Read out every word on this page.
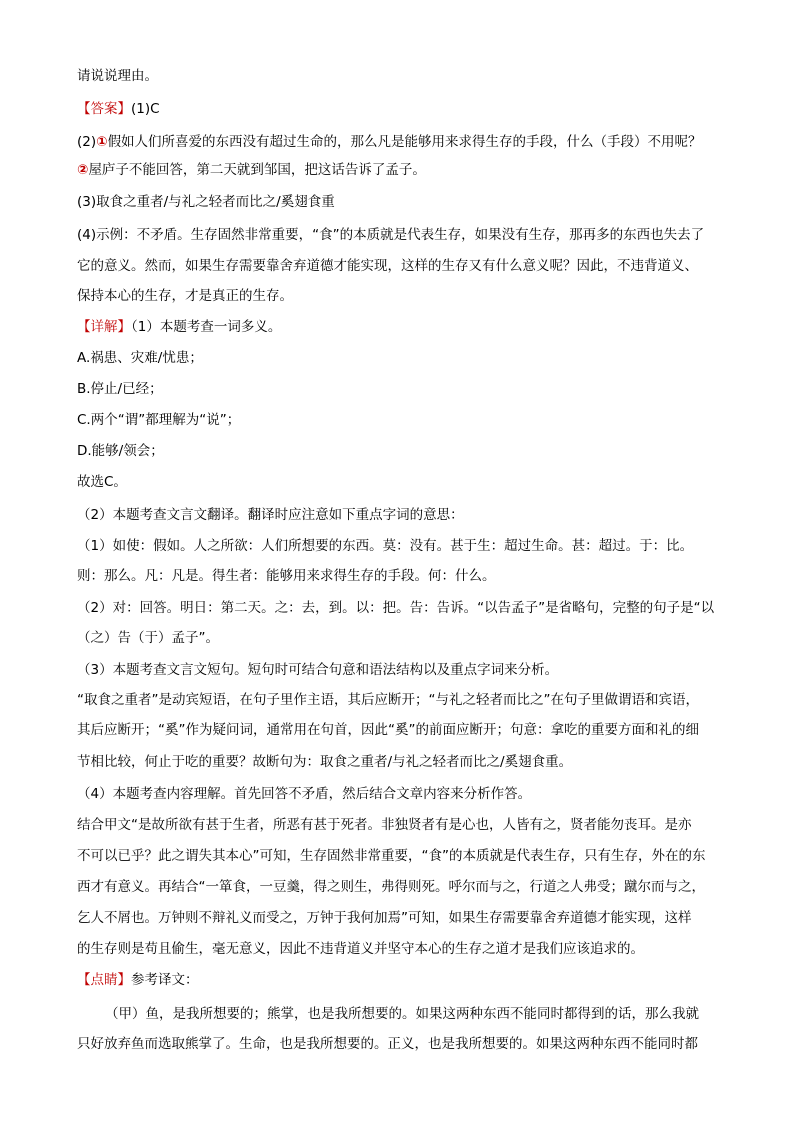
请说说理由。
【答案】(1)C
(2)①假如人们所喜爱的东西没有超过生命的，那么凡是能够用来求得生存的手段，什么（手段）不用呢？
②屋庐子不能回答，第二天就到邹国，把这话告诉了孟子。
(3)取食之重者/与礼之轻者而比之/奚翅食重
(4)示例：不矛盾。生存固然非常重要，“食”的本质就是代表生存，如果没有生存，那再多的东西也失去了
它的意义。然而，如果生存需要靠舍弃道德才能实现，这样的生存又有什么意义呢？因此，不违背道义、
保持本心的生存，才是真正的生存。
【详解】（1）本题考查一词多义。
A.祸患、灾难/忧患；
B.停止/已经；
C.两个“谓”都理解为“说”；
D.能够/领会；
故选C。
（2）本题考查文言文翻译。翻译时应注意如下重点字词的意思：
（1）如使：假如。人之所欲：人们所想要的东西。莫：没有。甚于生：超过生命。甚：超过。于：比。
则：那么。凡：凡是。得生者：能够用来求得生存的手段。何：什么。
（2）对：回答。明日：第二天。之：去，到。以：把。告：告诉。“以告孟子”是省略句，完整的句子是“以
（之）告（于）孟子”。
（3）本题考查文言文短句。短句时可结合句意和语法结构以及重点字词来分析。
“取食之重者”是动宾短语，在句子里作主语，其后应断开；“与礼之轻者而比之”在句子里做谓语和宾语，
其后应断开；“奚”作为疑问词，通常用在句首，因此“奚”的前面应断开；句意：拿吃的重要方面和礼的细
节相比较，何止于吃的重要？故断句为：取食之重者/与礼之轻者而比之/奚翅食重。
（4）本题考查内容理解。首先回答不矛盾，然后结合文章内容来分析作答。
结合甲文“是故所欲有甚于生者，所恶有甚于死者。非独贤者有是心也，人皆有之，贤者能勿丧耳。是亦
不可以已乎？此之谓失其本心”可知，生存固然非常重要，“食”的本质就是代表生存，只有生存，外在的东
西才有意义。再结合“一箪食，一豆羹，得之则生，弗得则死。呼尔而与之，行道之人弗受；蹴尔而与之，
乞人不屑也。万钟则不辩礼义而受之，万钟于我何加焉”可知，如果生存需要靠舍弃道德才能实现，这样
的生存则是苟且偷生，毫无意义，因此不违背道义并坚守本心的生存之道才是我们应该追求的。
【点睛】参考译文：
（甲）鱼，是我所想要的；熊掌，也是我所想要的。如果这两种东西不能同时都得到的话，那么我就
只好放弃鱼而选取熊掌了。生命，也是我所想要的。正义，也是我所想要的。如果这两种东西不能同时都
